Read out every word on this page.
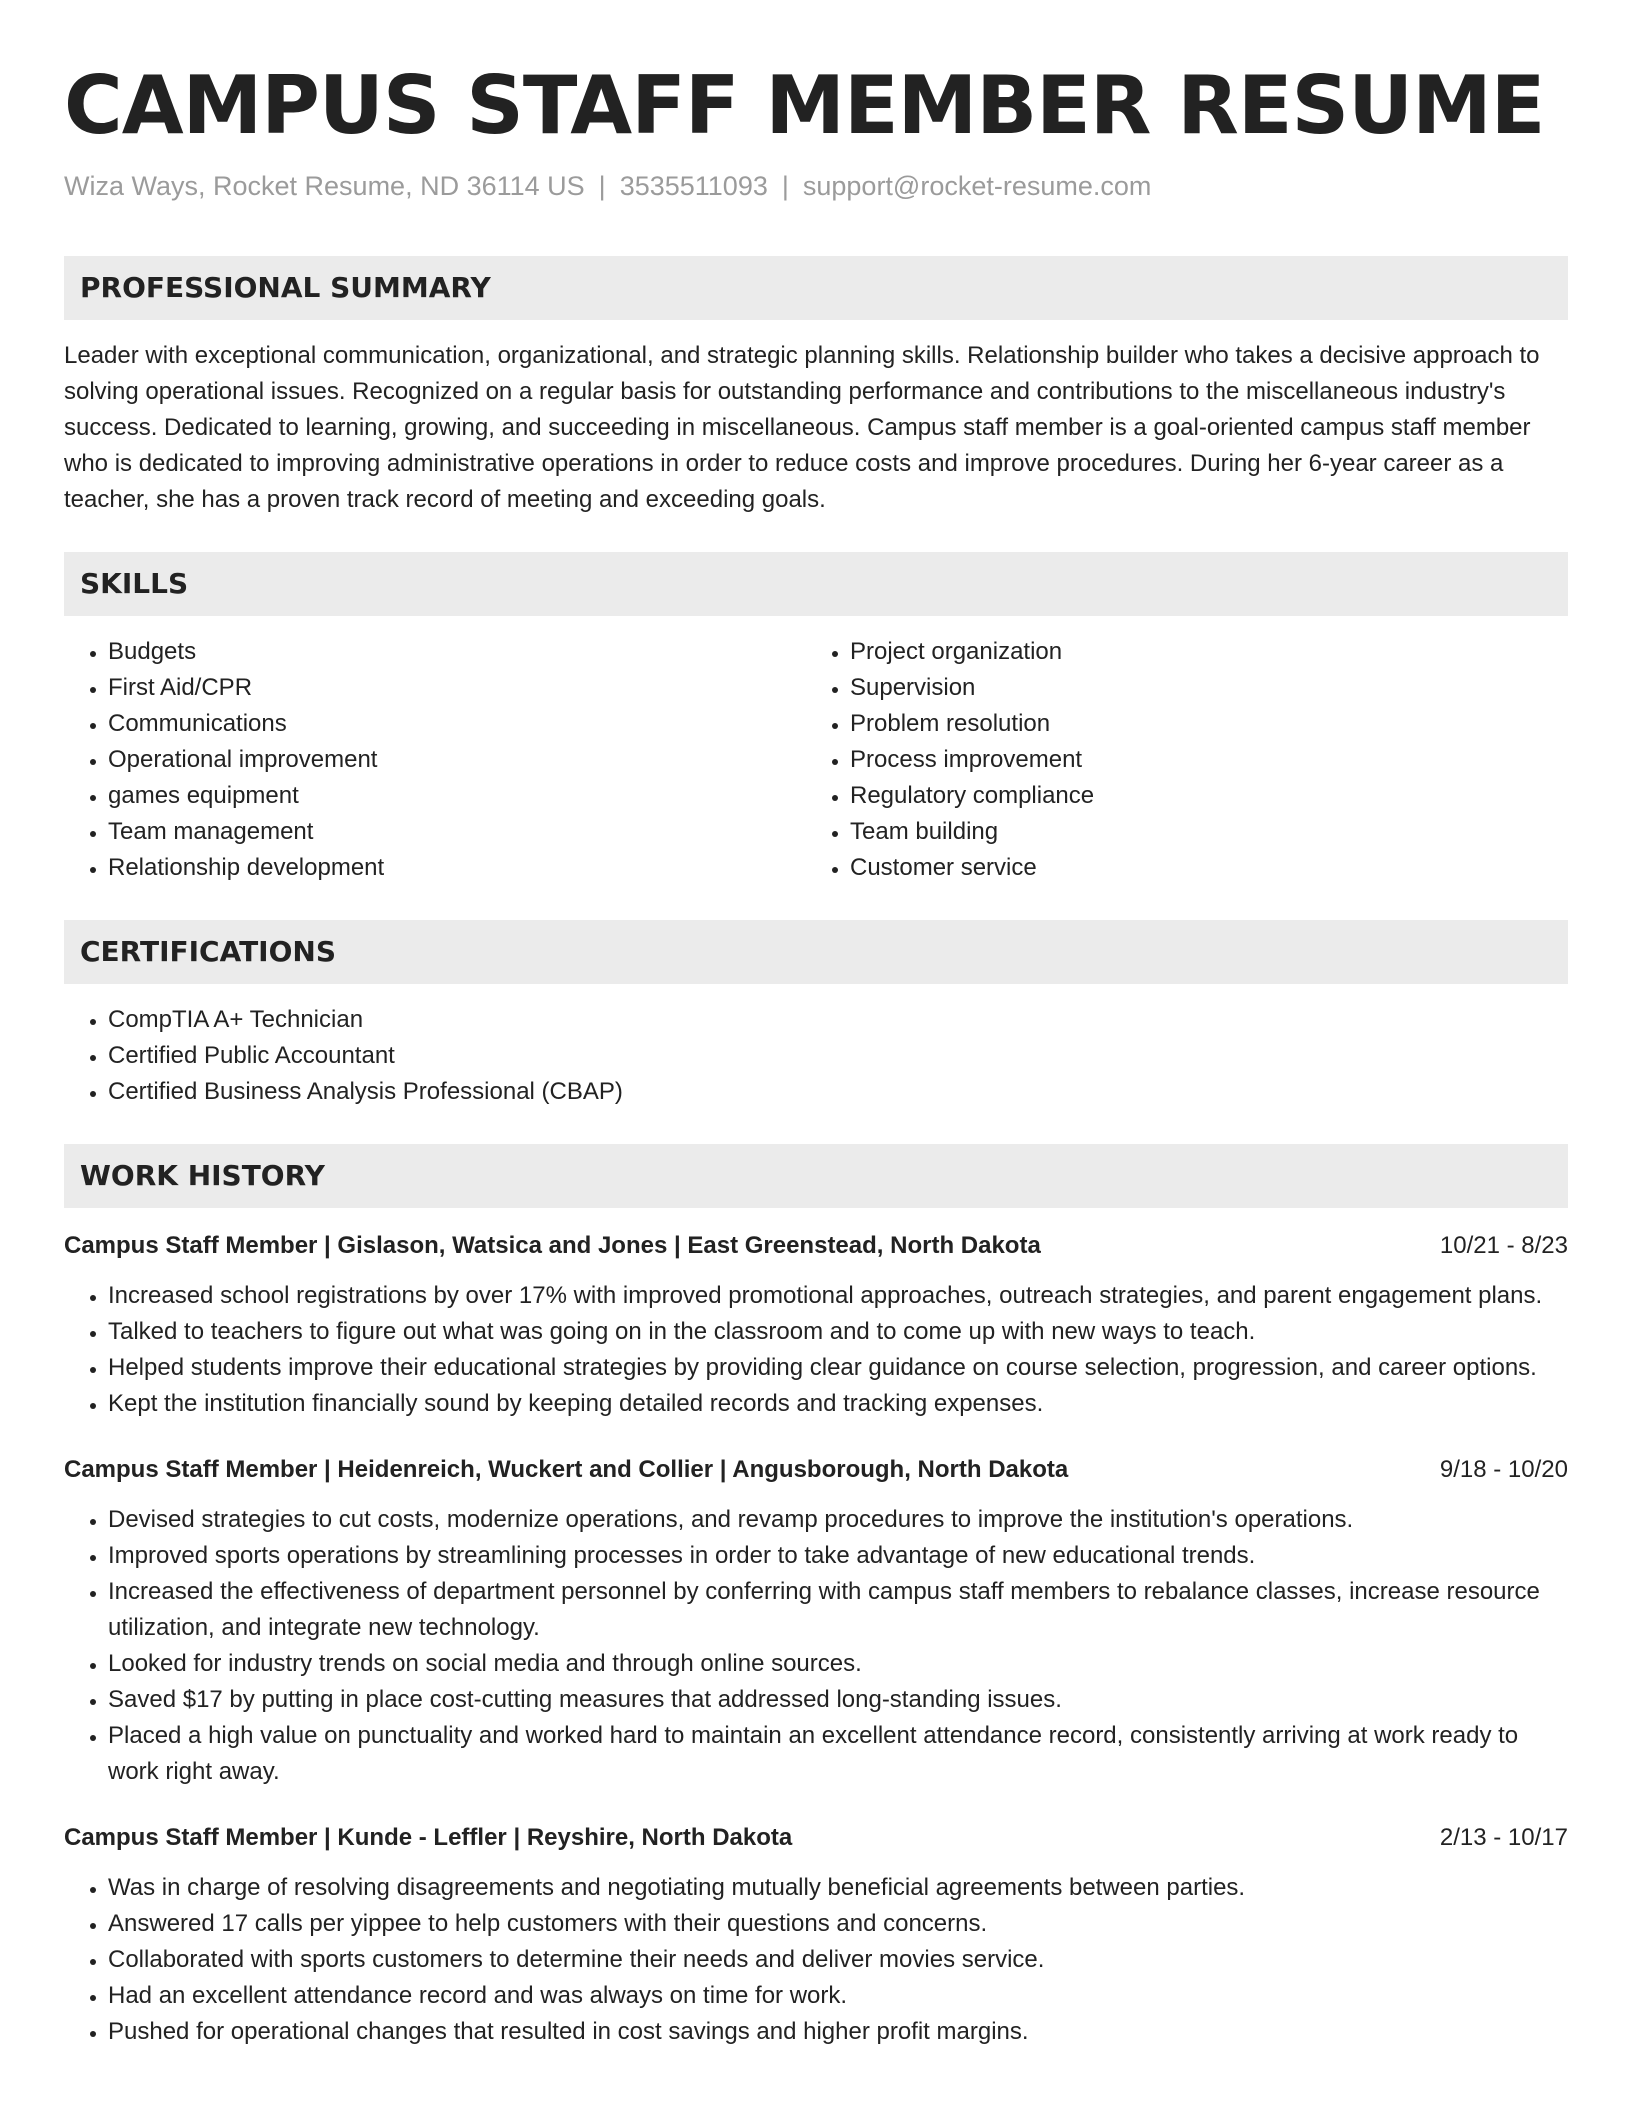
CAMPUS STAFF MEMBER RESUME
Wiza Ways, Rocket Resume, ND 36114 US | 3535511093 | support@rocket-resume.com
PROFESSIONAL SUMMARY

Leader with exceptional communication, organizational, and strategic planning skills. Relationship builder who takes a decisive approach to solving operational issues. Recognized on a regular basis for outstanding performance and contributions to the miscellaneous industry's success. Dedicated to learning, growing, and succeeding in miscellaneous. Campus staff member is a goal-oriented campus staff member who is dedicated to improving administrative operations in order to reduce costs and improve procedures. During her 6-year career as a teacher, she has a proven track record of meeting and exceeding goals.

SKILLS
• Budgets
• First Aid/CPR
• Communications
• Operational improvement
• games equipment
• Team management
• Relationship development
• Project organization
• Supervision
• Problem resolution
• Process improvement
• Regulatory compliance
• Team building
• Customer service
CERTIFICATIONS
• CompTIA A+ Technician
• Certified Public Accountant
• Certified Business Analysis Professional (CBAP)
WORK HISTORY
Campus Staff Member | Gislason, Watsica and Jones | East Greenstead, North Dakota	10/21 - 8/23
• Increased school registrations by over 17% with improved promotional approaches, outreach strategies, and parent engagement plans.
• Talked to teachers to figure out what was going on in the classroom and to come up with new ways to teach.
• Helped students improve their educational strategies by providing clear guidance on course selection, progression, and career options.
• Kept the institution financially sound by keeping detailed records and tracking expenses.
Campus Staff Member | Heidenreich, Wuckert and Collier | Angusborough, North Dakota	9/18 - 10/20
• Devised strategies to cut costs, modernize operations, and revamp procedures to improve the institution's operations.
• Improved sports operations by streamlining processes in order to take advantage of new educational trends.
• Increased the effectiveness of department personnel by conferring with campus staff members to rebalance classes, increase resource utilization, and integrate new technology.
• Looked for industry trends on social media and through online sources.
• Saved $17 by putting in place cost-cutting measures that addressed long-standing issues.
• Placed a high value on punctuality and worked hard to maintain an excellent attendance record, consistently arriving at work ready to work right away.
Campus Staff Member | Kunde - Leffler | Reyshire, North Dakota	2/13 - 10/17
• Was in charge of resolving disagreements and negotiating mutually beneficial agreements between parties.
• Answered 17 calls per yippee to help customers with their questions and concerns.
• Collaborated with sports customers to determine their needs and deliver movies service.
• Had an excellent attendance record and was always on time for work.
• Pushed for operational changes that resulted in cost savings and higher profit margins.
